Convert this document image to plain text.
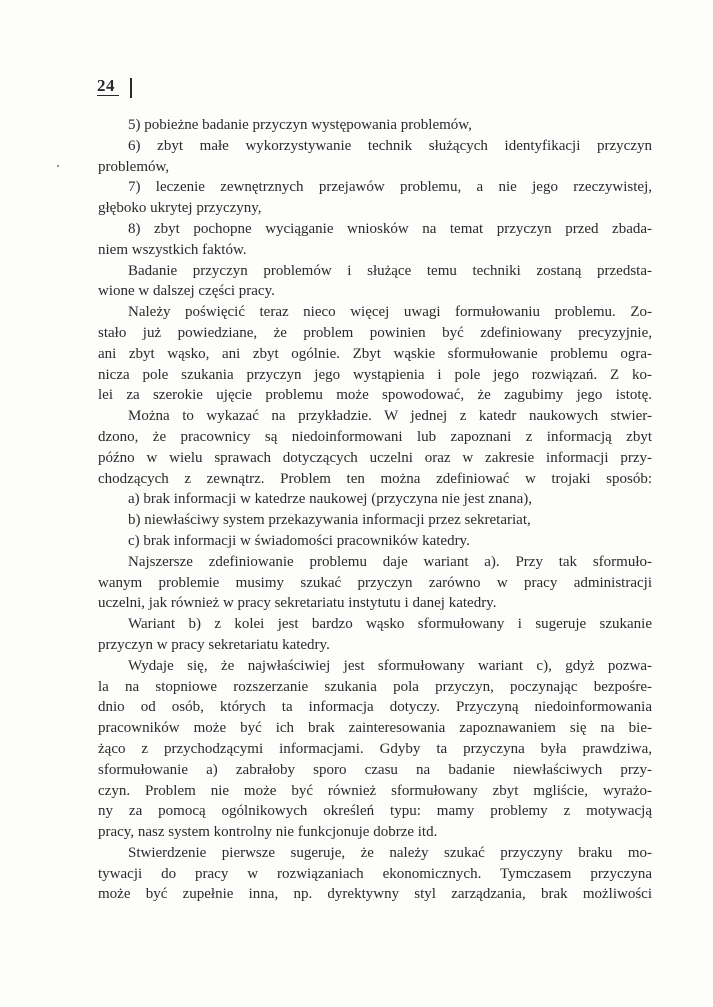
24
5) pobieżne badanie przyczyn występowania problemów,
6) zbyt małe wykorzystywanie technik służących identyfikacji przyczyn
problemów,
7) leczenie zewnętrznych przejawów problemu, a nie jego rzeczywistej,
głęboko ukrytej przyczyny,
8) zbyt pochopne wyciąganie wniosków na temat przyczyn przed zbada-
niem wszystkich faktów.
Badanie przyczyn problemów i służące temu techniki zostaną przedsta-
wione w dalszej części pracy.
Należy poświęcić teraz nieco więcej uwagi formułowaniu problemu. Zo-
stało już powiedziane, że problem powinien być zdefiniowany precyzyjnie,
ani zbyt wąsko, ani zbyt ogólnie. Zbyt wąskie sformułowanie problemu ogra-
nicza pole szukania przyczyn jego wystąpienia i pole jego rozwiązań. Z ko-
lei za szerokie ujęcie problemu może spowodować, że zagubimy jego istotę.
Można to wykazać na przykładzie. W jednej z katedr naukowych stwier-
dzono, że pracownicy są niedoinformowani lub zapoznani z informacją zbyt
późno w wielu sprawach dotyczących uczelni oraz w zakresie informacji przy-
chodzących z zewnątrz. Problem ten można zdefiniować w trojaki sposób:
a) brak informacji w katedrze naukowej (przyczyna nie jest znana),
b) niewłaściwy system przekazywania informacji przez sekretariat,
c) brak informacji w świadomości pracowników katedry.
Najszersze zdefiniowanie problemu daje wariant a). Przy tak sformuło-
wanym problemie musimy szukać przyczyn zarówno w pracy administracji
uczelni, jak również w pracy sekretariatu instytutu i danej katedry.
Wariant b) z kolei jest bardzo wąsko sformułowany i sugeruje szukanie
przyczyn w pracy sekretariatu katedry.
Wydaje się, że najwłaściwiej jest sformułowany wariant c), gdyż pozwa-
la na stopniowe rozszerzanie szukania pola przyczyn, poczynając bezpośre-
dnio od osób, których ta informacja dotyczy. Przyczyną niedoinformowania
pracowników może być ich brak zainteresowania zapoznawaniem się na bie-
żąco z przychodzącymi informacjami. Gdyby ta przyczyna była prawdziwa,
sformułowanie a) zabrałoby sporo czasu na badanie niewłaściwych przy-
czyn. Problem nie może być również sformułowany zbyt mgliście, wyrażo-
ny za pomocą ogólnikowych określeń typu: mamy problemy z motywacją
pracy, nasz system kontrolny nie funkcjonuje dobrze itd.
Stwierdzenie pierwsze sugeruje, że należy szukać przyczyny braku mo-
tywacji do pracy w rozwiązaniach ekonomicznych. Tymczasem przyczyna
może być zupełnie inna, np. dyrektywny styl zarządzania, brak możliwości
